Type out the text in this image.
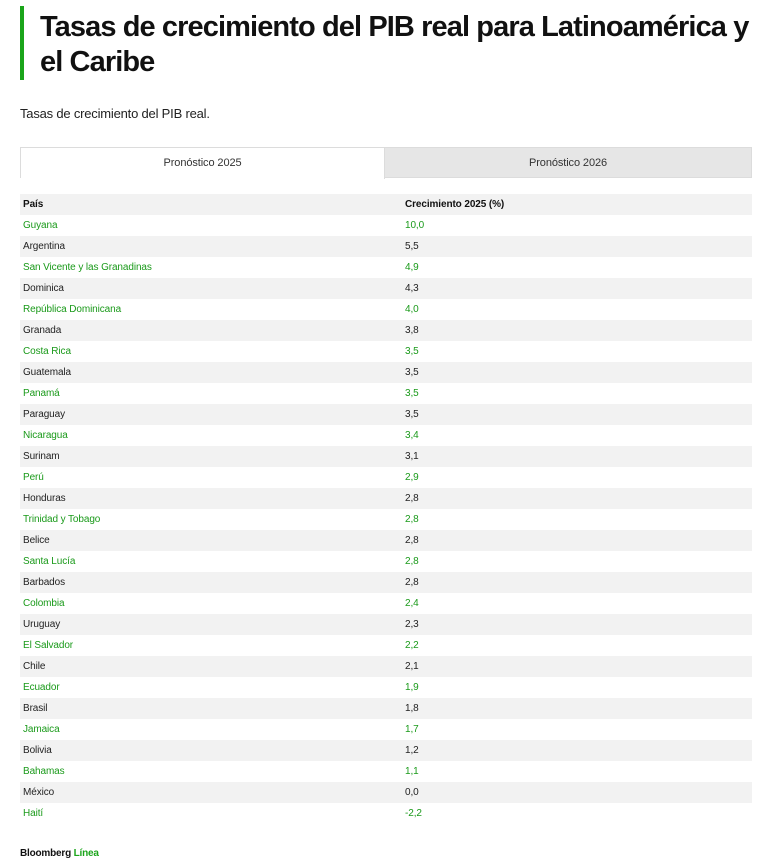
Tasas de crecimiento del PIB real para Latinoamérica y el Caribe
Tasas de crecimiento del PIB real.
Pronóstico 2025	Pronóstico 2026
País	Crecimiento 2025 (%)
Guyana	10,0
Argentina	5,5
San Vicente y las Granadinas	4,9
Dominica	4,3
República Dominicana	4,0
Granada	3,8
Costa Rica	3,5
Guatemala	3,5
Panamá	3,5
Paraguay	3,5
Nicaragua	3,4
Surinam	3,1
Perú	2,9
Honduras	2,8
Trinidad y Tobago	2,8
Belice	2,8
Santa Lucía	2,8
Barbados	2,8
Colombia	2,4
Uruguay	2,3
El Salvador	2,2
Chile	2,1
Ecuador	1,9
Brasil	1,8
Jamaica	1,7
Bolivia	1,2
Bahamas	1,1
México	0,0
Haití	-2,2
Bloomberg Línea
